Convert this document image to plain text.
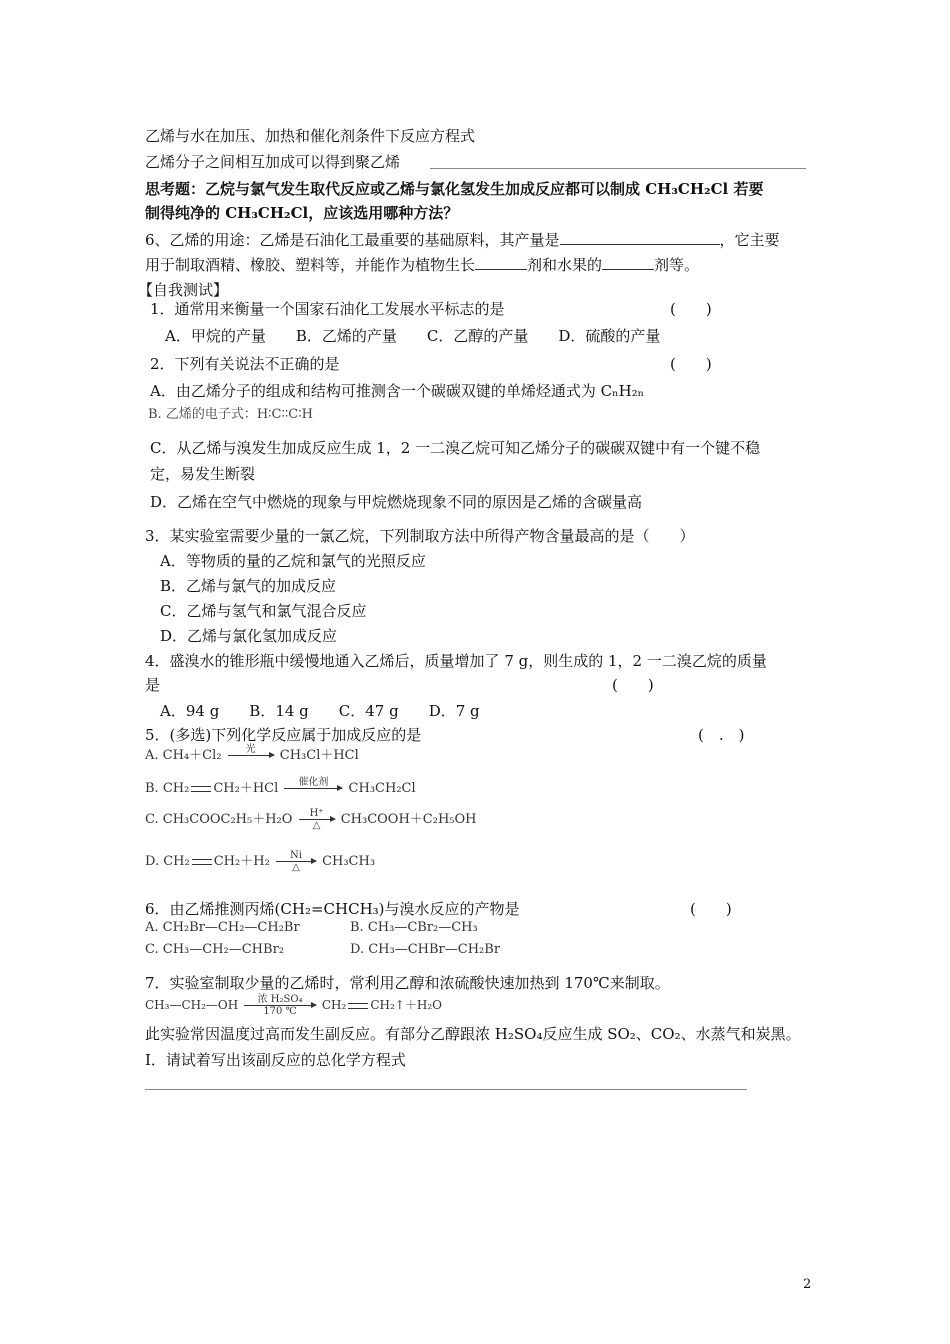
乙烯与水在加压、加热和催化剂条件下反应方程式
乙烯分子之间相互加成可以得到聚乙烯
思考题：乙烷与氯气发生取代反应或乙烯与氯化氢发生加成反应都可以制成 CH₃CH₂Cl 若要
制得纯净的 CH₃CH₂Cl，应该选用哪种方法？
6、乙烯的用途：乙烯是石油化工最重要的基础原料，其产量是	，它主要
用于制取酒精、橡胶、塑料等，并能作为植物生长	剂和水果的	剂等。
【自我测试】
1．通常用来衡量一个国家石油化工发展水平标志的是	(　　)
A．甲烷的产量　　B．乙烯的产量　　C．乙醇的产量　　D．硫酸的产量
2．下列有关说法不正确的是	(　　)
A．由乙烯分子的组成和结构可推测含一个碳碳双键的单烯烃通式为 CₙH₂ₙ
B. 乙烯的电子式：H∶C∶∶C∶H
C．从乙烯与溴发生加成反应生成 1，2 一二溴乙烷可知乙烯分子的碳碳双键中有一个键不稳
定，易发生断裂
D．乙烯在空气中燃烧的现象与甲烷燃烧现象不同的原因是乙烯的含碳量高
3．某实验室需要少量的一氯乙烷，下列制取方法中所得产物含量最高的是（　　）
A．等物质的量的乙烷和氯气的光照反应
B．乙烯与氯气的加成反应
C．乙烯与氢气和氯气混合反应
D．乙烯与氯化氢加成反应
4．盛溴水的锥形瓶中缓慢地通入乙烯后，质量增加了 7 g，则生成的 1，2 一二溴乙烷的质量
是	(　　)
A．94 g　　B．14 g　　C．47 g　　D．7 g
5．(多选)下列化学反应属于加成反应的是	(　.　)
A. CH₄＋Cl₂	光
	CH₃Cl＋HCl
B. CH₂ CH₂＋HCl	催化剂
	CH₃CH₂Cl
C. CH₃COOC₂H₅＋H₂O	H⁺
△	CH₃COOH＋C₂H₅OH
D. CH₂ CH₂＋H₂	Ni
△	CH₃CH₃
6．由乙烯推测丙烯(CH₂=CHCH₃)与溴水反应的产物是	(　　)
A. CH₂Br—CH₂—CH₂Br	B. CH₃—CBr₂—CH₃
C. CH₃—CH₂—CHBr₂	D. CH₃—CHBr—CH₂Br
7．实验室制取少量的乙烯时，常利用乙醇和浓硫酸快速加热到 170℃来制取。
CH₃—CH₂—OH	浓 H₂SO₄
170 ℃	CH₂ CH₂↑＋H₂O
此实验常因温度过高而发生副反应。有部分乙醇跟浓 H₂SO₄反应生成 SO₂、CO₂、水蒸气和炭黑。
I．请试着写出该副反应的总化学方程式
2
